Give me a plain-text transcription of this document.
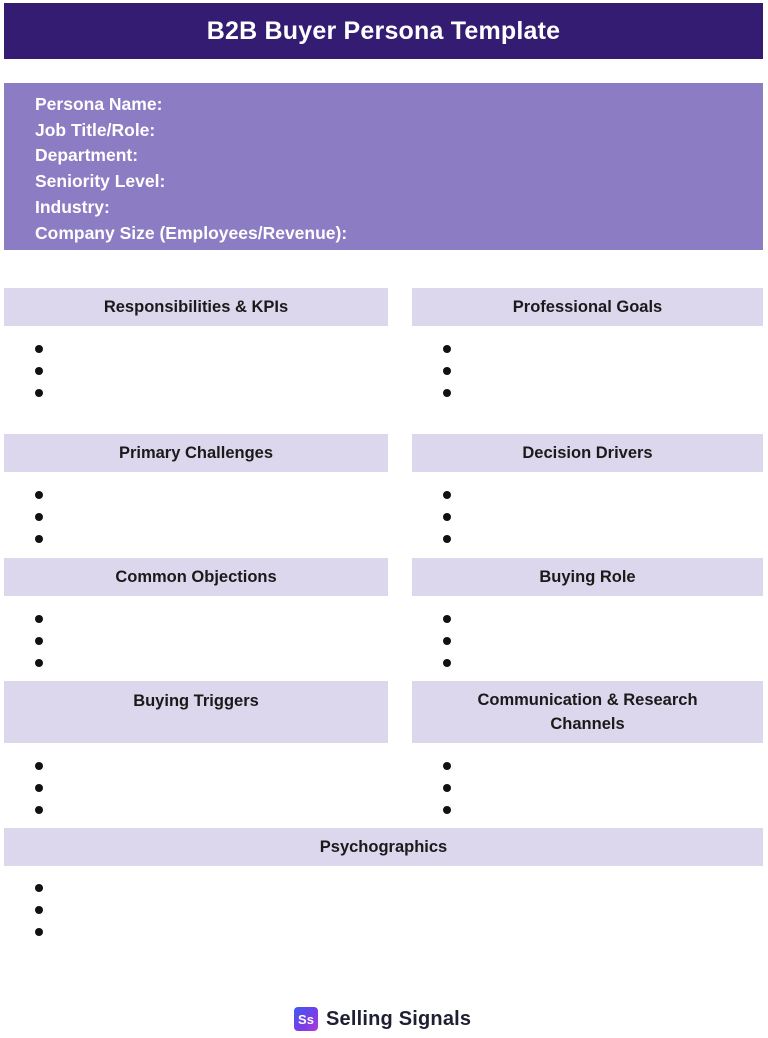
B2B Buyer Persona Template
Persona Name:
Job Title/Role:
Department:
Seniority Level:
Industry:
Company Size (Employees/Revenue):
Responsibilities & KPIs	Professional Goals
Primary Challenges	Decision Drivers
Common Objections	Buying Role
Buying Triggers	Communication & Research Channels
Psychographics
Ss Selling Signals
